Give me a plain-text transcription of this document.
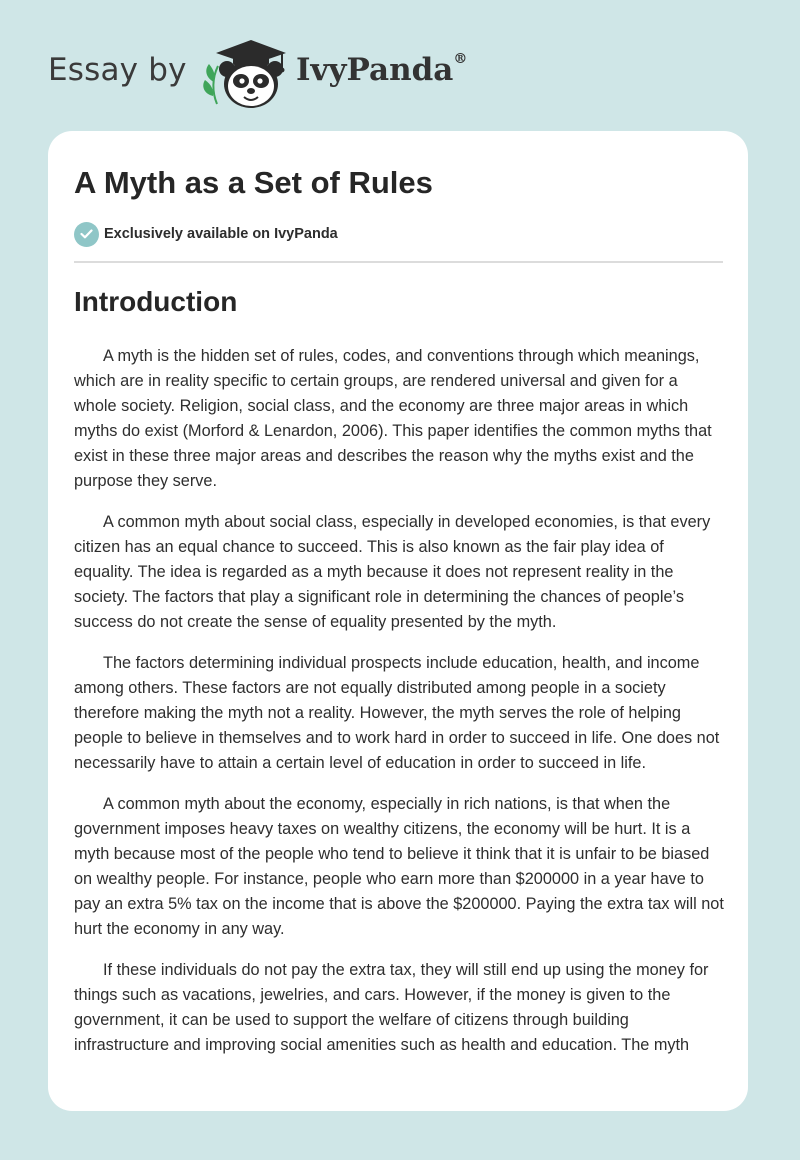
Essay by	IvyPanda®
A Myth as a Set of Rules
Exclusively available on IvyPanda
Introduction

A myth is the hidden set of rules, codes, and conventions through which meanings, which are in reality specific to certain groups, are rendered universal and given for a whole society. Religion, social class, and the economy are three major areas in which myths do exist (Morford & Lenardon, 2006). This paper identifies the common myths that exist in these three major areas and describes the reason why the myths exist and the purpose they serve.

A common myth about social class, especially in developed economies, is that every citizen has an equal chance to succeed. This is also known as the fair play idea of equality. The idea is regarded as a myth because it does not represent reality in the society. The factors that play a significant role in determining the chances of people’s success do not create the sense of equality presented by the myth.

The factors determining individual prospects include education, health, and income among others. These factors are not equally distributed among people in a society therefore making the myth not a reality. However, the myth serves the role of helping people to believe in themselves and to work hard in order to succeed in life. One does not necessarily have to attain a certain level of education in order to succeed in life.

A common myth about the economy, especially in rich nations, is that when the government imposes heavy taxes on wealthy citizens, the economy will be hurt. It is a myth because most of the people who tend to believe it think that it is unfair to be biased on wealthy people. For instance, people who earn more than $200000 in a year have to pay an extra 5% tax on the income that is above the $200000. Paying the extra tax will not hurt the economy in any way.

If these individuals do not pay the extra tax, they will still end up using the money for things such as vacations, jewelries, and cars. However, if the money is given to the government, it can be used to support the welfare of citizens through building infrastructure and improving social amenities such as health and education. The myth
